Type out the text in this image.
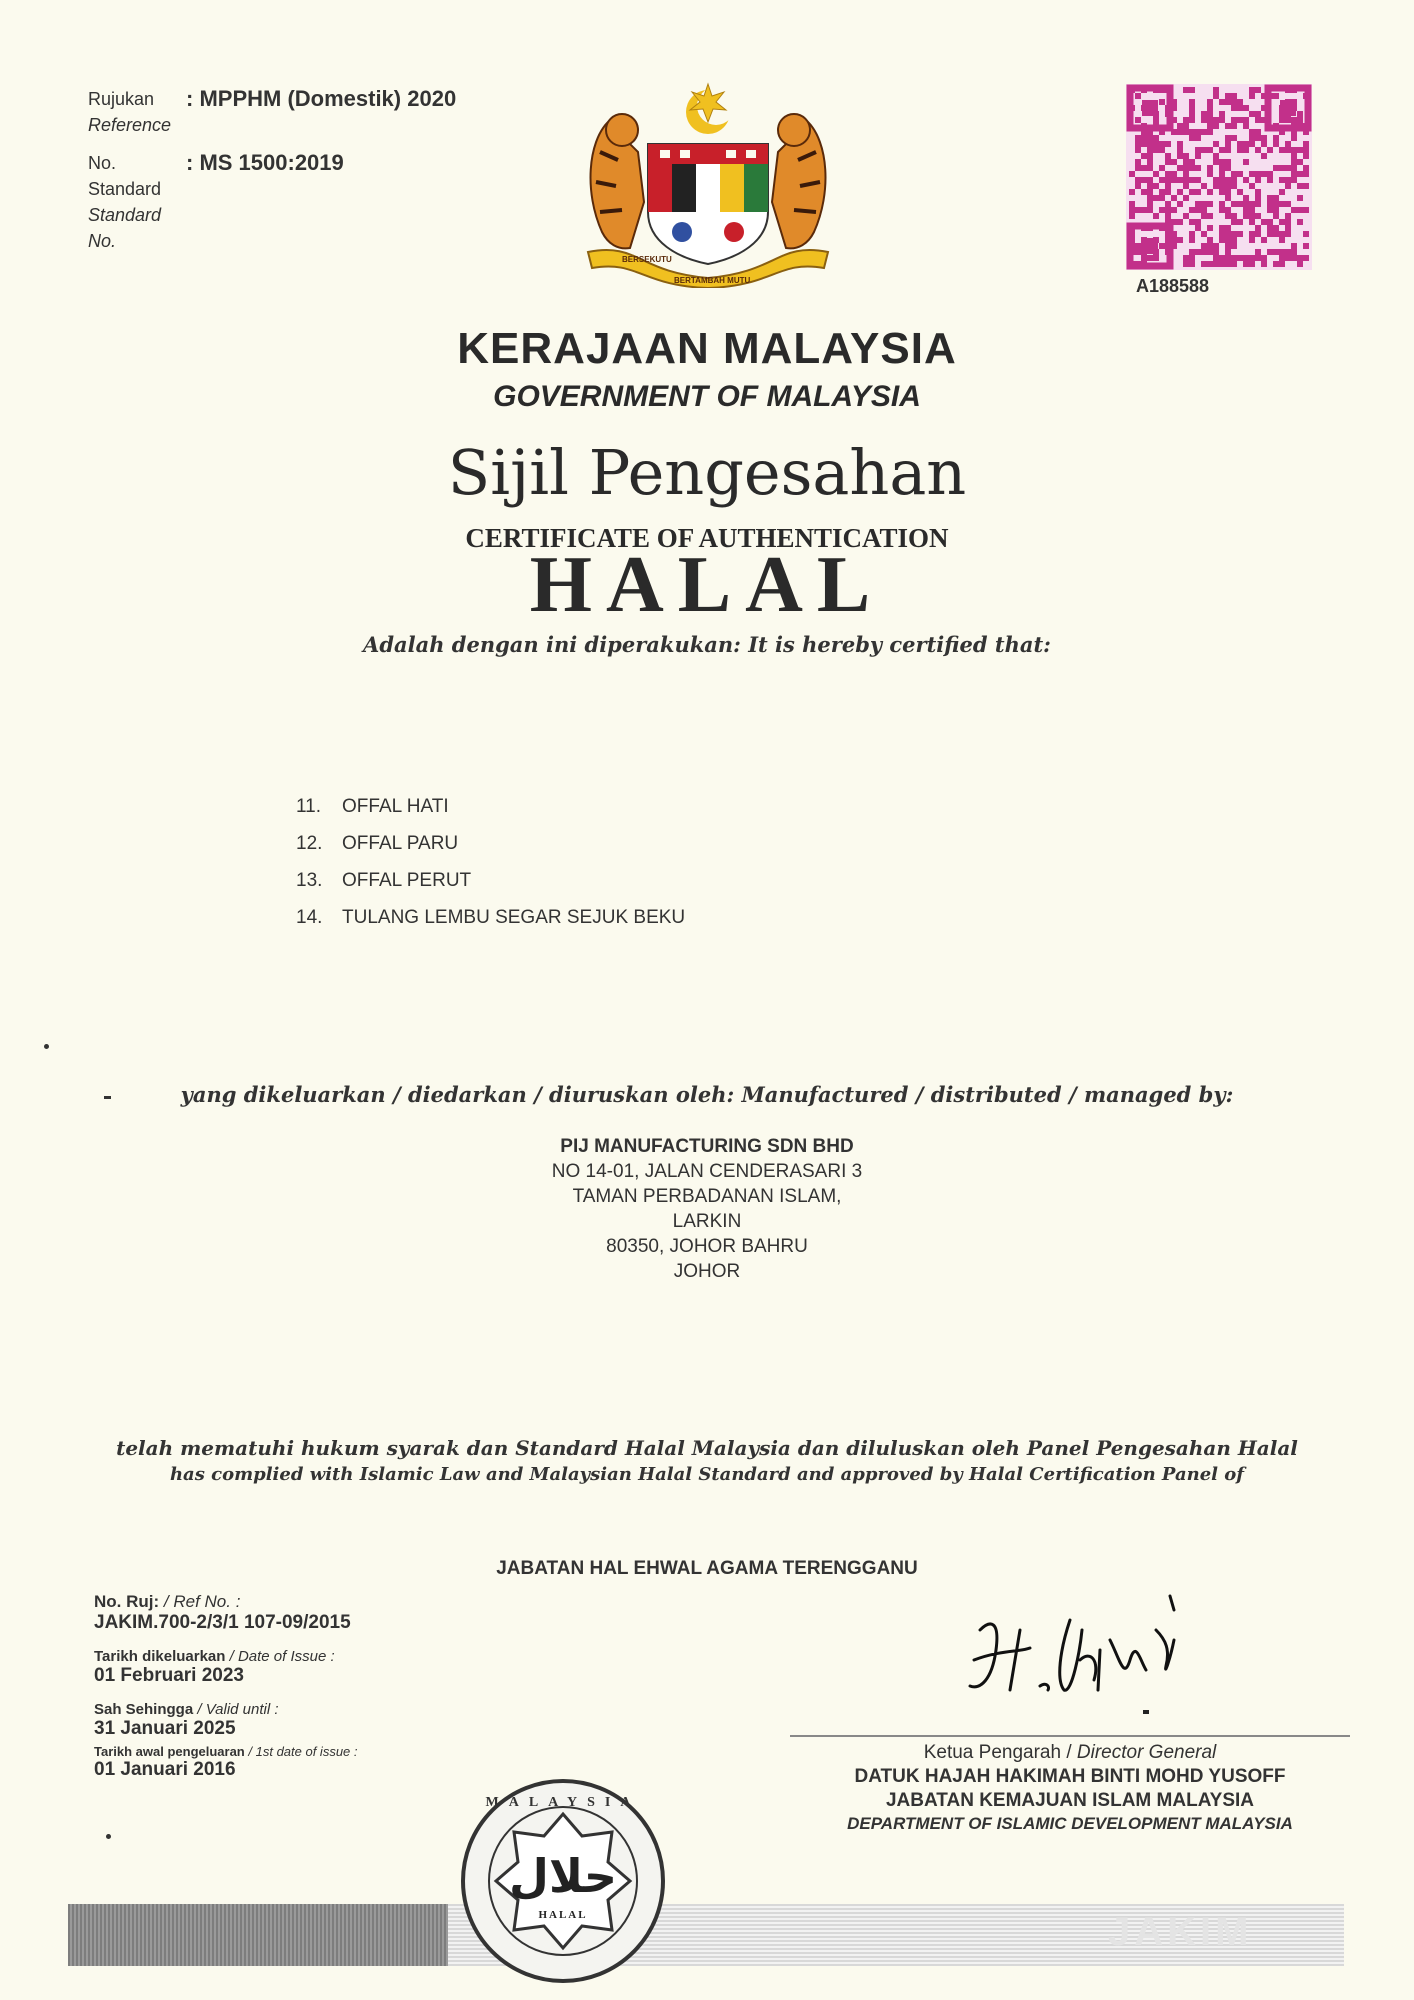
Rujukan
Reference
: MPPHM (Domestik) 2020
No.
Standard
Standard
No.
: MS 1500:2019
BERSEKUTU
BERTAMBAH MUTU	A188588
KERAJAAN MALAYSIA
GOVERNMENT OF MALAYSIA
Sijil Pengesahan
CERTIFICATE OF AUTHENTICATION
HALAL
Adalah dengan ini diperakukan: It is hereby certified that:
11. OFFAL HATI
12. OFFAL PARU
13. OFFAL PERUT
14. TULANG LEMBU SEGAR SEJUK BEKU
yang dikeluarkan / diedarkan / diuruskan oleh: Manufactured / distributed / managed by:
PIJ MANUFACTURING SDN BHD
NO 14-01, JALAN CENDERASARI 3
TAMAN PERBADANAN ISLAM,
LARKIN
80350, JOHOR BAHRU
JOHOR
telah mematuhi hukum syarak dan Standard Halal Malaysia dan diluluskan oleh Panel Pengesahan Halal
has complied with Islamic Law and Malaysian Halal Standard and approved by Halal Certification Panel of
JABATAN HAL EHWAL AGAMA TERENGGANU
No. Ruj: / Ref No. :
JAKIM.700-2/3/1 107-09/2015
Tarikh dikeluarkan / Date of Issue :
01 Februari 2023
Sah Sehingga / Valid until :
31 Januari 2025
Tarikh awal pengeluaran / 1st date of issue :
01 Januari 2016
Ketua Pengarah / Director General
DATUK HAJAH HAKIMAH BINTI MOHD YUSOFF
JABATAN KEMAJUAN ISLAM MALAYSIA
DEPARTMENT OF ISLAMIC DEVELOPMENT MALAYSIA
JAKIM
MALAYSIA
حلال
HALAL
